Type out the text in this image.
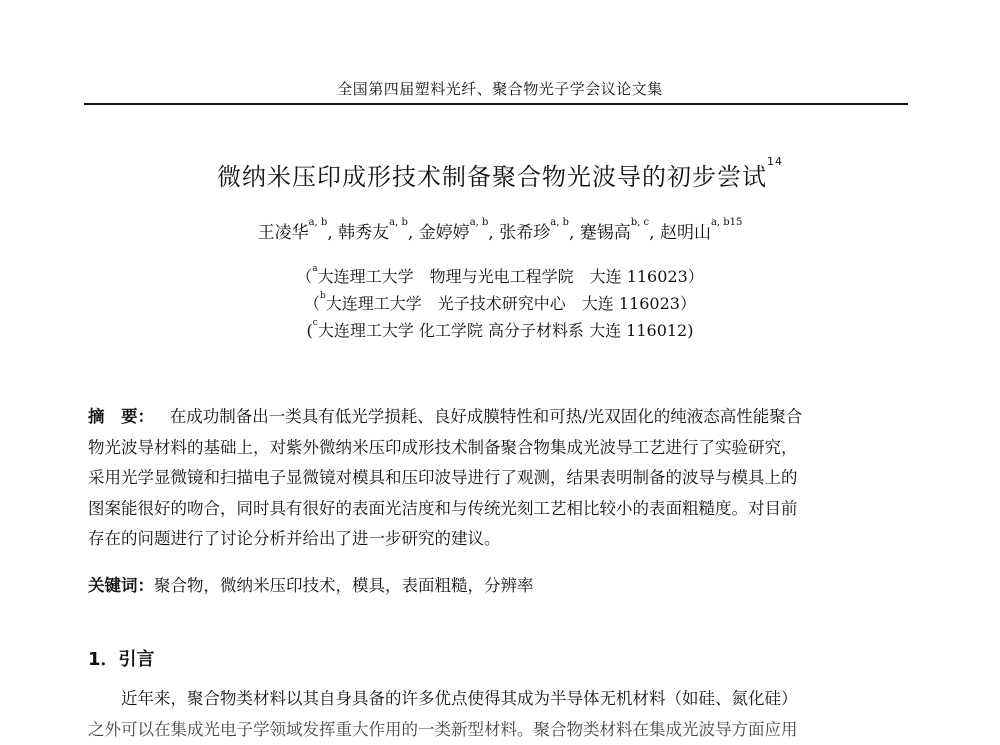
全国第四届塑料光纤、聚合物光子学会议论文集
微纳米压印成形技术制备聚合物光波导的初步尝试$^{14}$
王凌华$^{a, b}$, 韩秀友$^{a, b}$, 金婷婷$^{a, b}$, 张希珍$^{a, b}$, 蹇锡高$^{b, c}$, 赵明山$^{a, b15}$
（$^a$大连理工大学　物理与光电工程学院　大连 116023）
（$^b$大连理工大学　光子技术研究中心　大连 116023）
($^c$大连理工大学 化工学院 高分子材料系 大连 116012)
摘　要： 在成功制备出一类具有低光学损耗、良好成膜特性和可热/光双固化的纯液态高性能聚合
物光波导材料的基础上，对紫外微纳米压印成形技术制备聚合物集成光波导工艺进行了实验研究，
采用光学显微镜和扫描电子显微镜对模具和压印波导进行了观测，结果表明制备的波导与模具上的
图案能很好的吻合，同时具有很好的表面光洁度和与传统光刻工艺相比较小的表面粗糙度。对目前
存在的问题进行了讨论分析并给出了进一步研究的建议。
关键词：聚合物，微纳米压印技术，模具，表面粗糙，分辨率
1．引言
近年来，聚合物类材料以其自身具备的许多优点使得其成为半导体无机材料（如硅、氮化硅）
之外可以在集成光电子学领域发挥重大作用的一类新型材料。聚合物类材料在集成光波导方面应用
